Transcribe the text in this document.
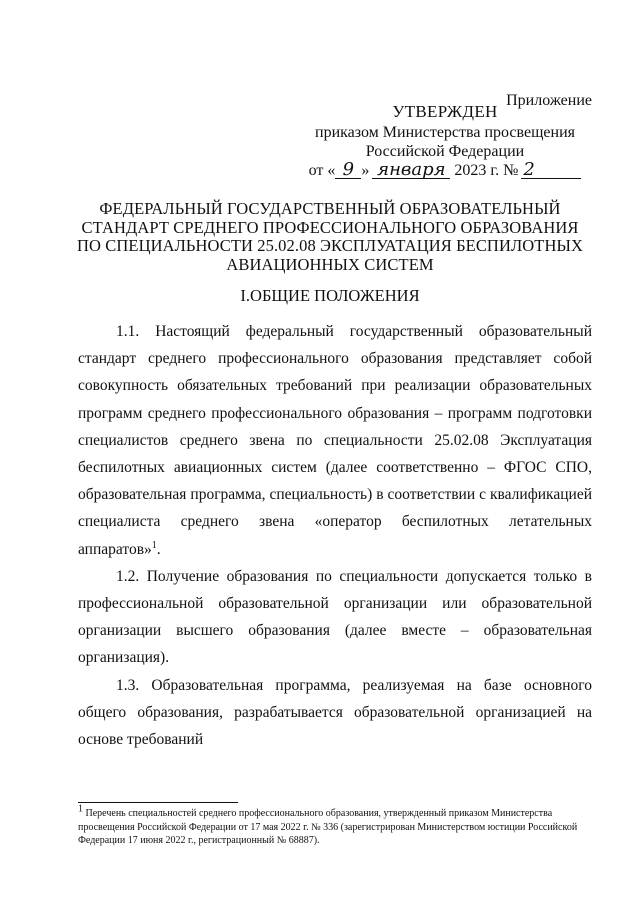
Приложение
УТВЕРЖДЕН
приказом Министерства просвещения
Российской Федерации
от « 9 » января 2023 г. № 2
ФЕДЕРАЛЬНЫЙ ГОСУДАРСТВЕННЫЙ ОБРАЗОВАТЕЛЬНЫЙ
СТАНДАРТ СРЕДНЕГО ПРОФЕССИОНАЛЬНОГО ОБРАЗОВАНИЯ
ПО СПЕЦИАЛЬНОСТИ 25.02.08 ЭКСПЛУАТАЦИЯ БЕСПИЛОТНЫХ
АВИАЦИОННЫХ СИСТЕМ
I.ОБЩИЕ ПОЛОЖЕНИЯ

1.1. Настоящий федеральный государственный образовательный стандарт среднего профессионального образования представляет собой совокупность обязательных требований при реализации образовательных программ среднего профессионального образования – программ подготовки специалистов среднего звена по специальности 25.02.08 Эксплуатация беспилотных авиационных систем (далее соответственно – ФГОС СПО, образовательная программа, специальность) в соответствии с квалификацией специалиста среднего звена «оператор беспилотных летательных аппаратов»$^1$.

1.2. Получение образования по специальности допускается только в профессиональной образовательной организации или образовательной организации высшего образования (далее вместе – образовательная организация).

1.3. Образовательная программа, реализуемая на базе основного общего образования, разрабатывается образовательной организацией на основе требований

$^1$ Перечень специальностей среднего профессионального образования, утвержденный приказом Министерства просвещения Российской Федерации от 17 мая 2022 г. № 336 (зарегистрирован Министерством юстиции Российской Федерации 17 июня 2022 г., регистрационный № 68887).
